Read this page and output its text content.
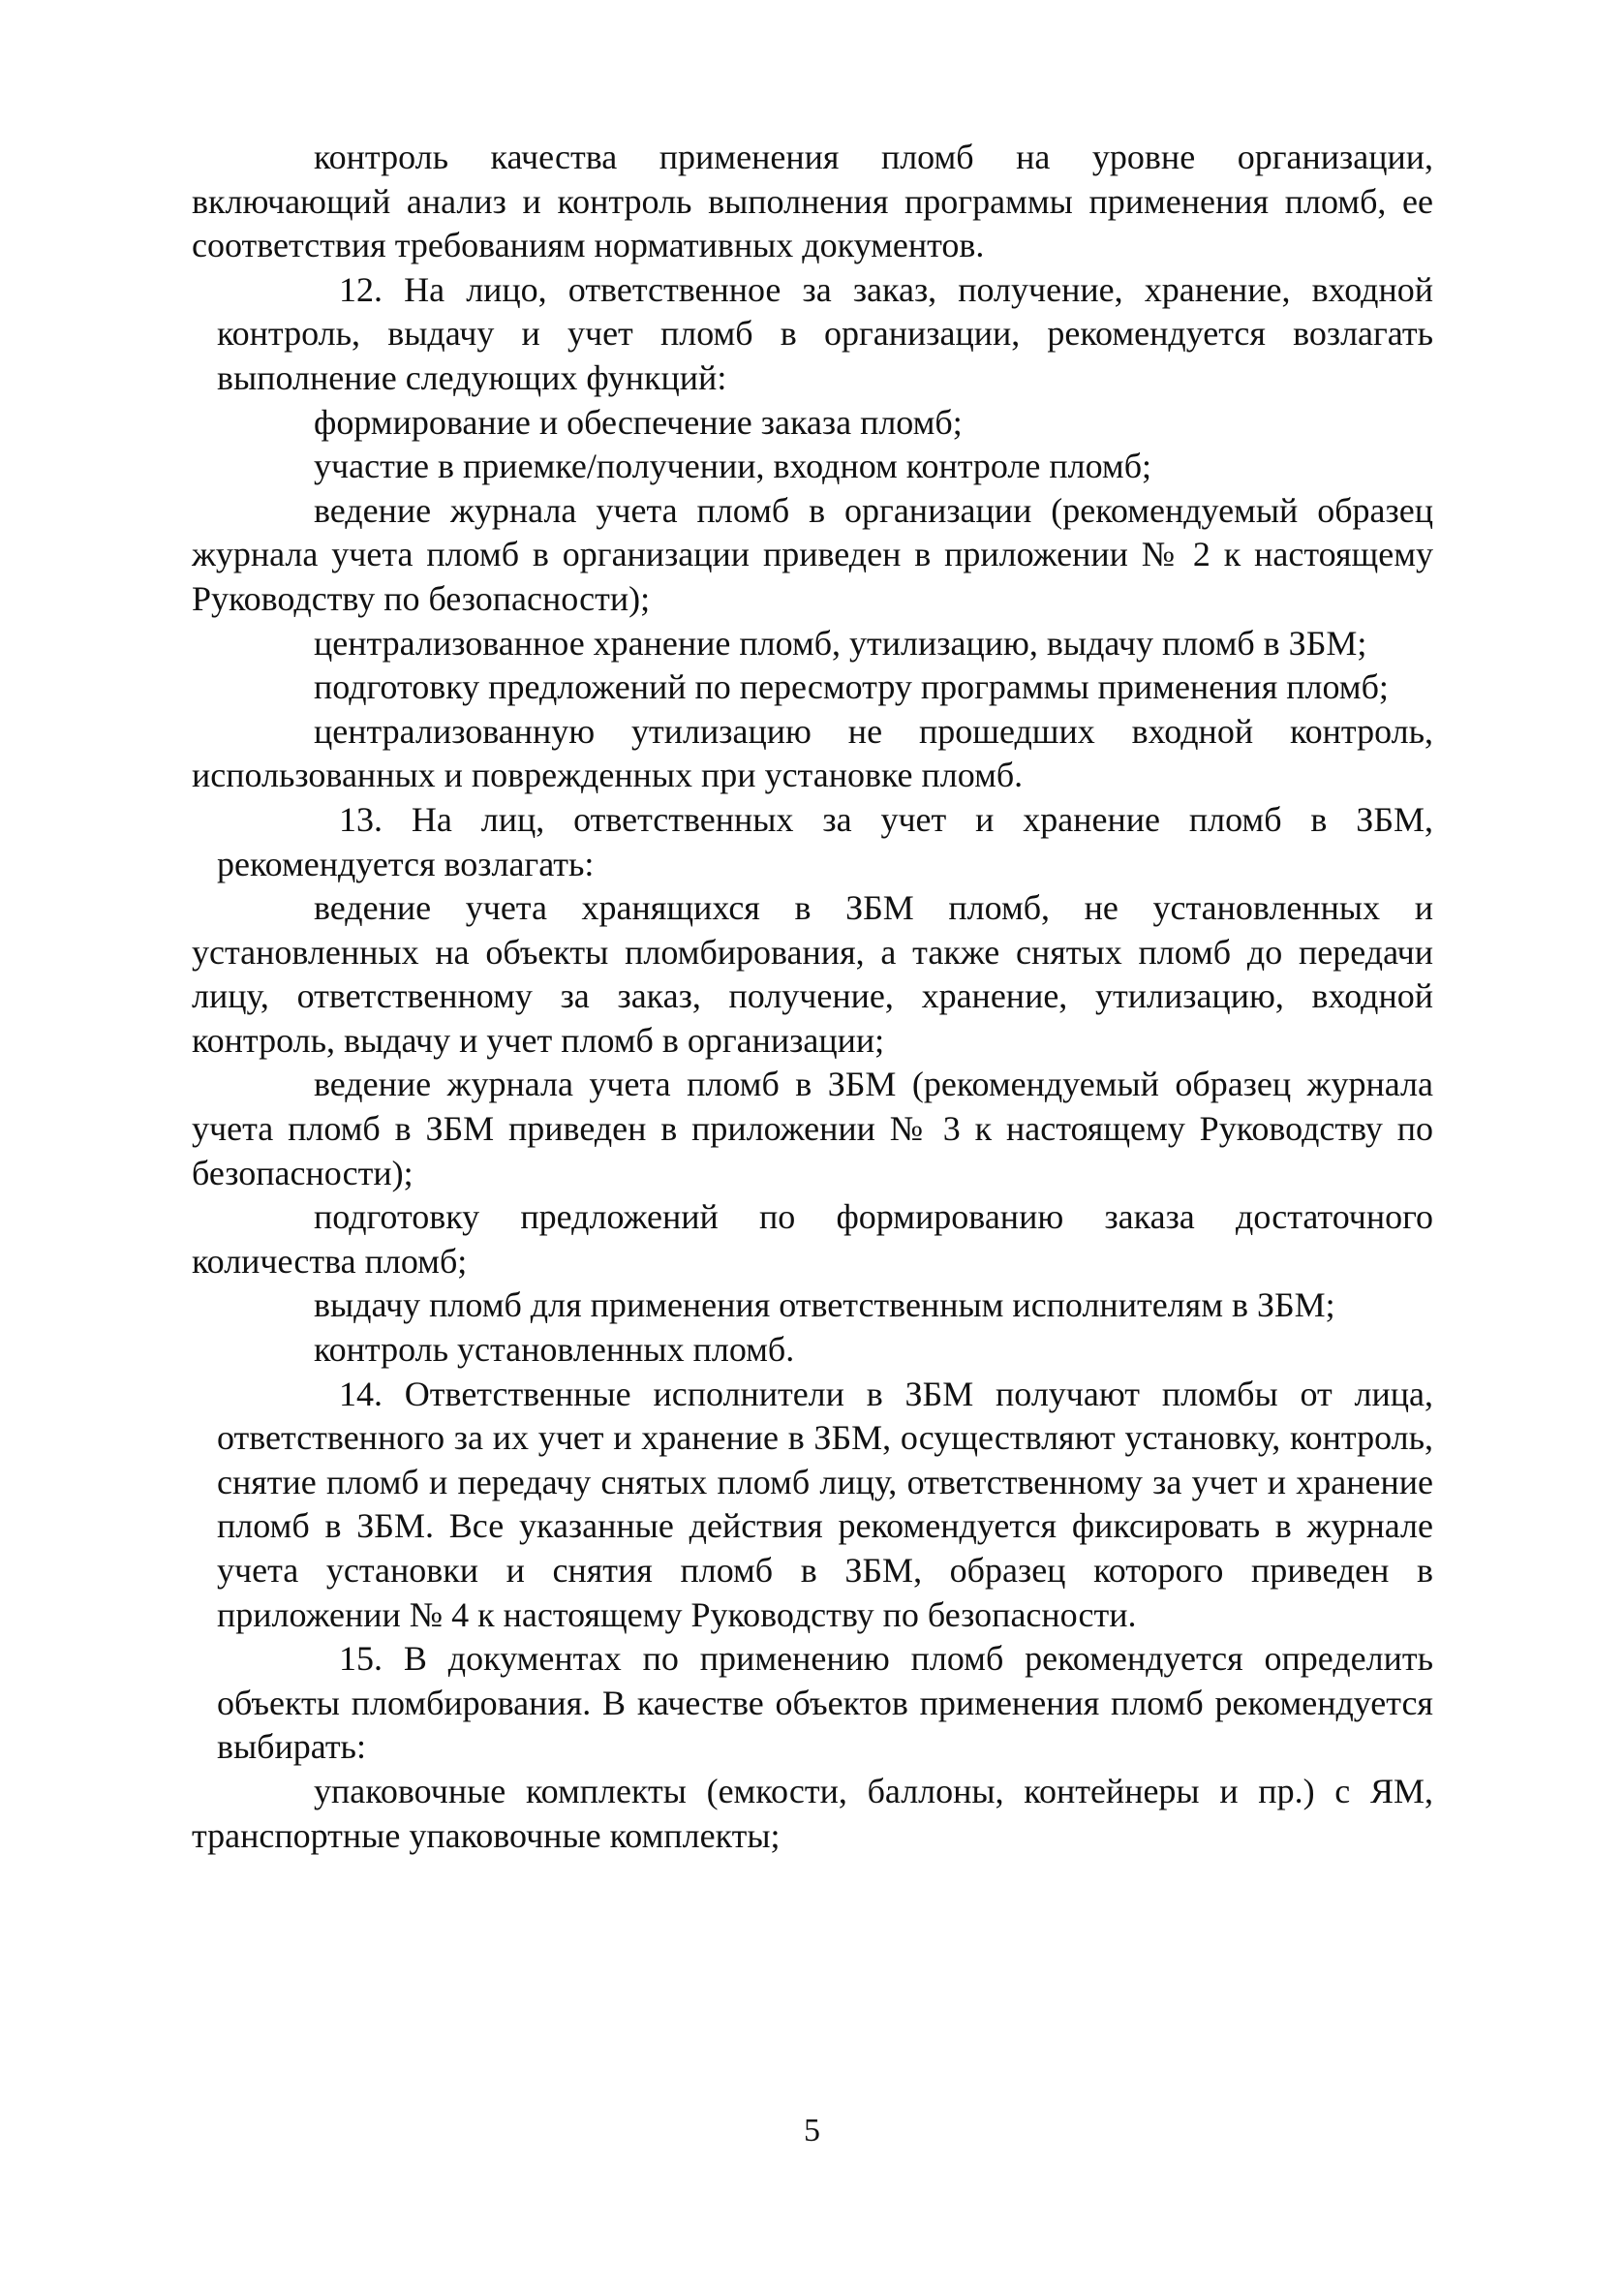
контроль качества применения пломб на уровне организации, включающий анализ и контроль выполнения программы применения пломб, ее соответствия требованиям нормативных документов.

12. На лицо, ответственное за заказ, получение, хранение, входной контроль, выдачу и учет пломб в организации, рекомендуется возлагать выполнение следующих функций:

формирование и обеспечение заказа пломб;

участие в приемке/получении, входном контроле пломб;

ведение журнала учета пломб в организации (рекомендуемый образец журнала учета пломб в организации приведен в приложении № 2 к настоящему Руководству по безопасности);

централизованное хранение пломб, утилизацию, выдачу пломб в ЗБМ;

подготовку предложений по пересмотру программы применения пломб;

централизованную утилизацию не прошедших входной контроль, использованных и поврежденных при установке пломб.

13. На лиц, ответственных за учет и хранение пломб в ЗБМ, рекомендуется возлагать:

ведение учета хранящихся в ЗБМ пломб, не установленных и установленных на объекты пломбирования, а также снятых пломб до передачи лицу, ответственному за заказ, получение, хранение, утилизацию, входной контроль, выдачу и учет пломб в организации;

ведение журнала учета пломб в ЗБМ (рекомендуемый образец журнала учета пломб в ЗБМ приведен в приложении № 3 к настоящему Руководству по безопасности);

подготовку предложений по формированию заказа достаточного количества пломб;

выдачу пломб для применения ответственным исполнителям в ЗБМ;

контроль установленных пломб.

14. Ответственные исполнители в ЗБМ получают пломбы от лица, ответственного за их учет и хранение в ЗБМ, осуществляют установку, контроль, снятие пломб и передачу снятых пломб лицу, ответственному за учет и хранение пломб в ЗБМ. Все указанные действия рекомендуется фиксировать в журнале учета установки и снятия пломб в ЗБМ, образец которого приведен в приложении № 4 к настоящему Руководству по безопасности.

15. В документах по применению пломб рекомендуется определить объекты пломбирования. В качестве объектов применения пломб рекомендуется выбирать:

упаковочные комплекты (емкости, баллоны, контейнеры и пр.) с ЯМ, транспортные упаковочные комплекты;

5
